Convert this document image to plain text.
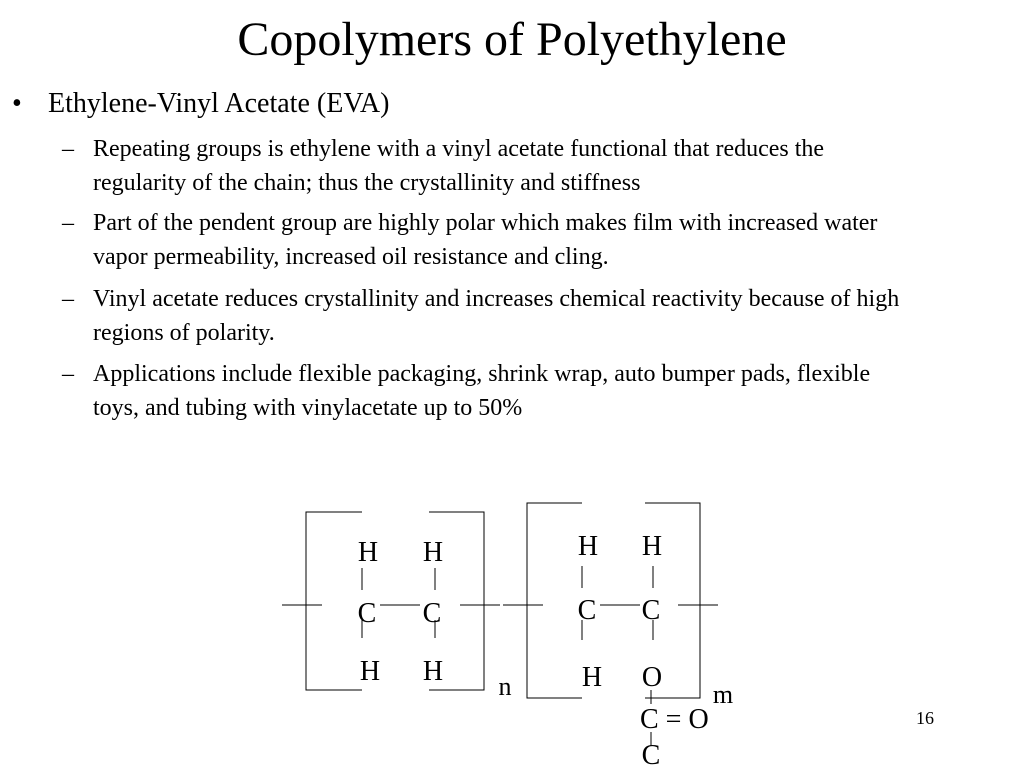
Copolymers of Polyethylene
• Ethylene-Vinyl Acetate (EVA)
– Repeating groups is ethylene with a vinyl acetate functional that reduces the
regularity of the chain; thus the crystallinity and stiffness
– Part of the pendent group are highly polar which makes film with increased water
vapor permeability, increased oil resistance and cling.
– Vinyl acetate reduces crystallinity and increases chemical reactivity because of high
regions of polarity.
– Applications include flexible packaging, shrink wrap, auto bumper pads, flexible
toys, and tubing with vinylacetate up to 50%
H H
C C
H H n
H H
C C
H O
m
C = O
C
16
